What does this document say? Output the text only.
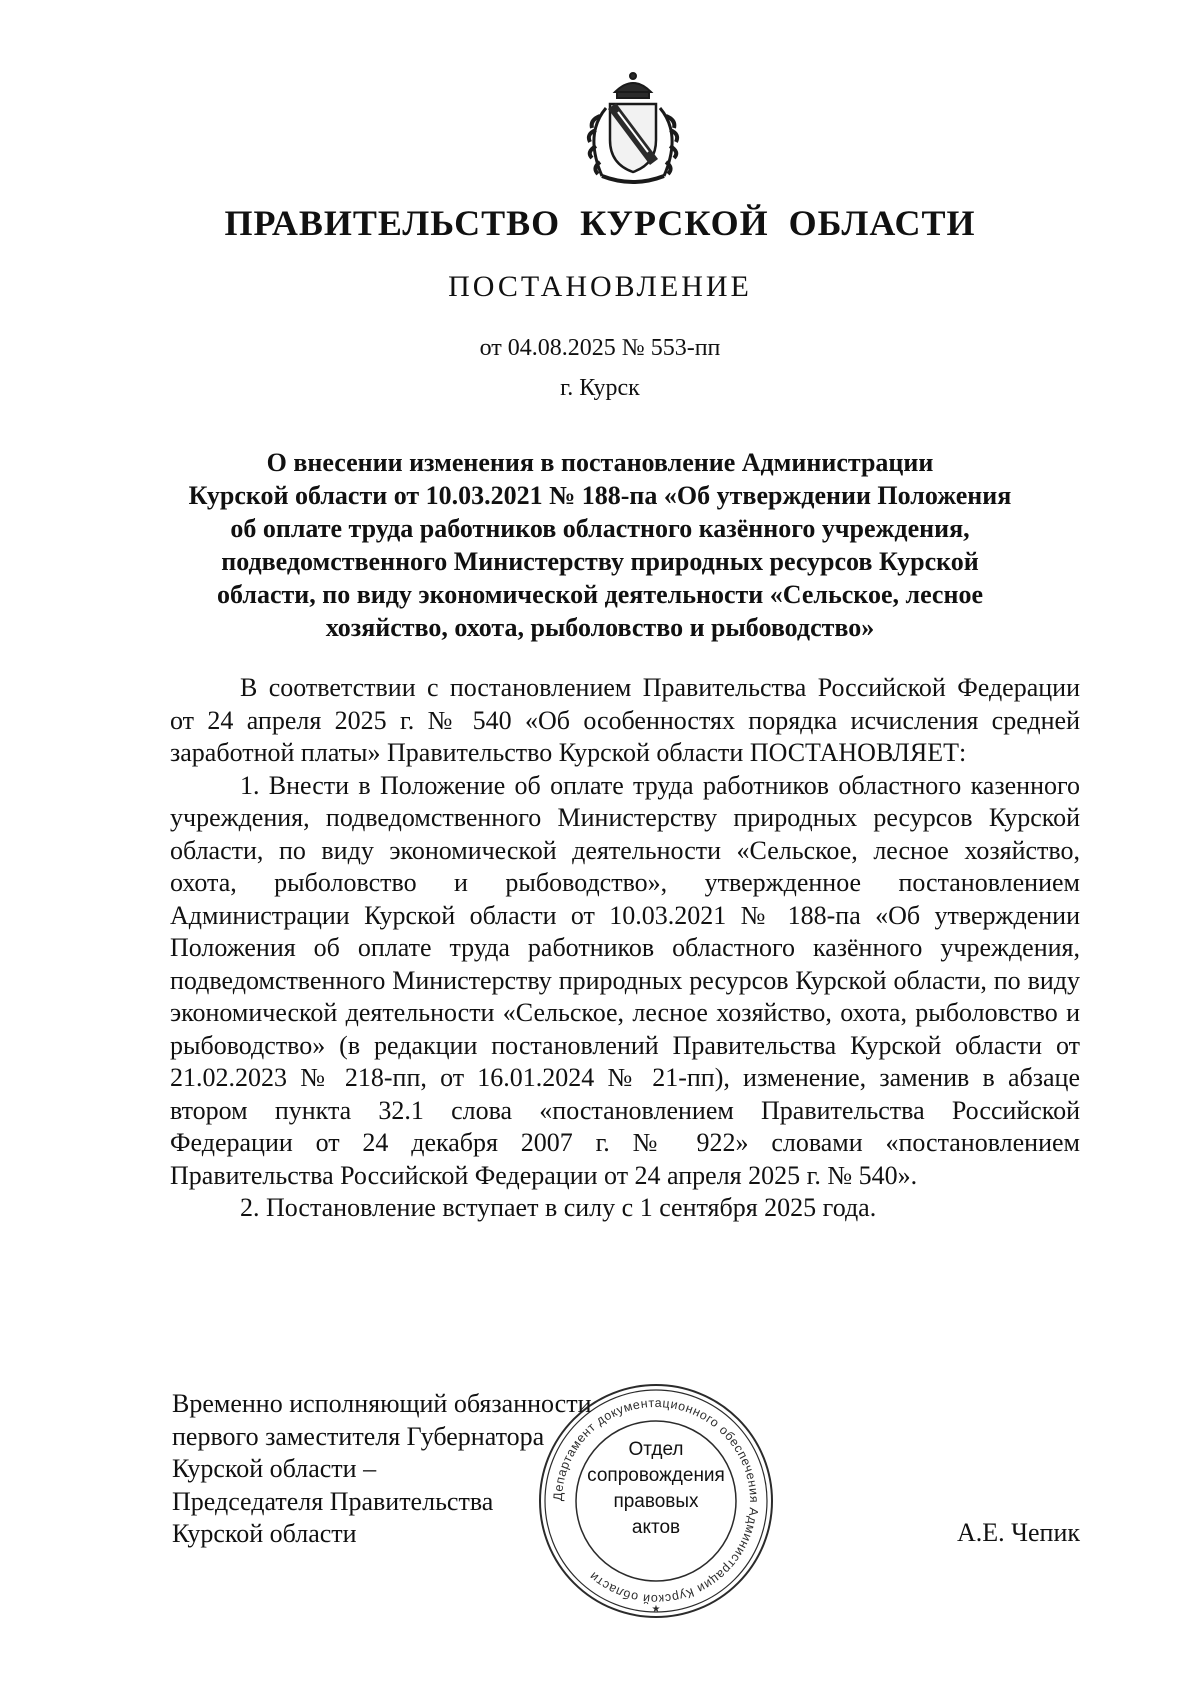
ПРАВИТЕЛЬСТВО КУРСКОЙ ОБЛАСТИ
ПОСТАНОВЛЕНИЕ
от 04.08.2025 № 553-пп
г. Курск
О внесении изменения в постановление Администрации
Курской области от 10.03.2021 № 188-па «Об утверждении Положения
об оплате труда работников областного казённого учреждения,
подведомственного Министерству природных ресурсов Курской
области, по виду экономической деятельности «Сельское, лесное
хозяйство, охота, рыболовство и рыбоводство»

В соответствии с постановлением Правительства Российской Федерации от 24 апреля 2025 г. № 540 «Об особенностях порядка исчисления средней заработной платы» Правительство Курской области ПОСТАНОВЛЯЕТ:

1. Внести в Положение об оплате труда работников областного казенного учреждения, подведомственного Министерству природных ресурсов Курской области, по виду экономической деятельности «Сельское, лесное хозяйство, охота, рыболовство и рыбоводство», утвержденное постановлением Администрации Курской области от 10.03.2021 № 188-па «Об утверждении Положения об оплате труда работников областного казённого учреждения, подведомственного Министерству природных ресурсов Курской области, по виду экономической деятельности «Сельское, лесное хозяйство, охота, рыболовство и рыбоводство» (в редакции постановлений Правительства Курской области от 21.02.2023 № 218-пп, от 16.01.2024 № 21-пп), изменение, заменив в абзаце втором пункта 32.1 слова «постановлением Правительства Российской Федерации от 24 декабря 2007 г. № 922» словами «постановлением Правительства Российской Федерации от 24 апреля 2025 г. № 540».

2. Постановление вступает в силу с 1 сентября 2025 года.

Временно исполняющий обязанности
первого заместителя Губернатора
Курской области –
Председателя Правительства
Курской области	А.Е. Чепик
Департамент документационного обеспечения Администрации Курской области
★
Отдел
сопровождения
правовых
актов
